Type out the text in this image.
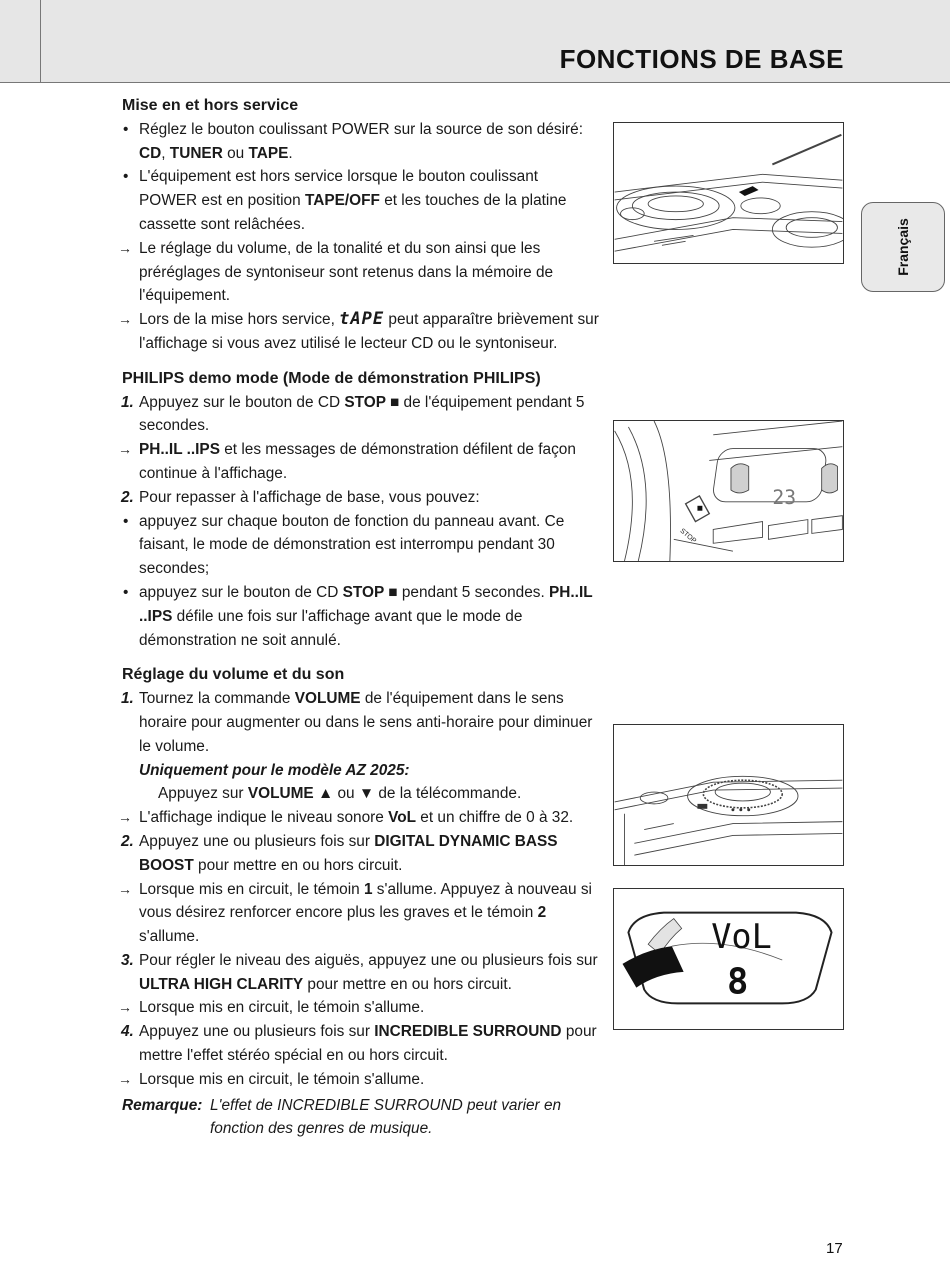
FONCTIONS DE BASE
Français
Mise en et hors service
• Réglez le bouton coulissant POWER sur la source de son désiré: CD, TUNER ou TAPE.
• L'équipement est hors service lorsque le bouton coulissant POWER est en position TAPE/OFF et les touches de la platine cassette sont relâchées.
→ Le réglage du volume, de la tonalité et du son ainsi que les préréglages de syntoniseur sont retenus dans la mémoire de l'équipement.
→ Lors de la mise hors service, tAPE peut apparaître brièvement sur l'affichage si vous avez utilisé le lecteur CD ou le syntoniseur.
PHILIPS demo mode (Mode de démonstration PHILIPS)
1. Appuyez sur le bouton de CD STOP ■ de l'équipement pendant 5 secondes.
→ PH..IL ..IPS et les messages de démonstration défilent de façon continue à l'affichage.
2. Pour repasser à l'affichage de base, vous pouvez:
• appuyez sur chaque bouton de fonction du panneau avant. Ce faisant, le mode de démonstration est interrompu pendant 30 secondes;
• appuyez sur le bouton de CD STOP ■ pendant 5 secondes. PH..IL ..IPS défile une fois sur l'affichage avant que le mode de démonstration ne soit annulé.
Réglage du volume et du son
1. Tournez la commande VOLUME de l'équipement dans le sens horaire pour augmenter ou dans le sens anti-horaire pour diminuer le volume.
Uniquement pour le modèle AZ 2025:
Appuyez sur VOLUME ▲ ou ▼ de la télécommande.
→ L'affichage indique le niveau sonore VoL et un chiffre de 0 à 32.
2. Appuyez une ou plusieurs fois sur DIGITAL DYNAMIC BASS BOOST pour mettre en ou hors circuit.
→ Lorsque mis en circuit, le témoin 1 s'allume. Appuyez à nouveau si vous désirez renforcer encore plus les graves et le témoin 2 s'allume.
3. Pour régler le niveau des aiguës, appuyez une ou plusieurs fois sur ULTRA HIGH CLARITY pour mettre en ou hors circuit.
→ Lorsque mis en circuit, le témoin s'allume.
4. Appuyez une ou plusieurs fois sur INCREDIBLE SURROUND pour mettre l'effet stéréo spécial en ou hors circuit.
→ Lorsque mis en circuit, le témoin s'allume.
Remarque: L'effet de INCREDIBLE SURROUND peut varier en fonction des genres de musique.
23
STOP
VoL
8
17
